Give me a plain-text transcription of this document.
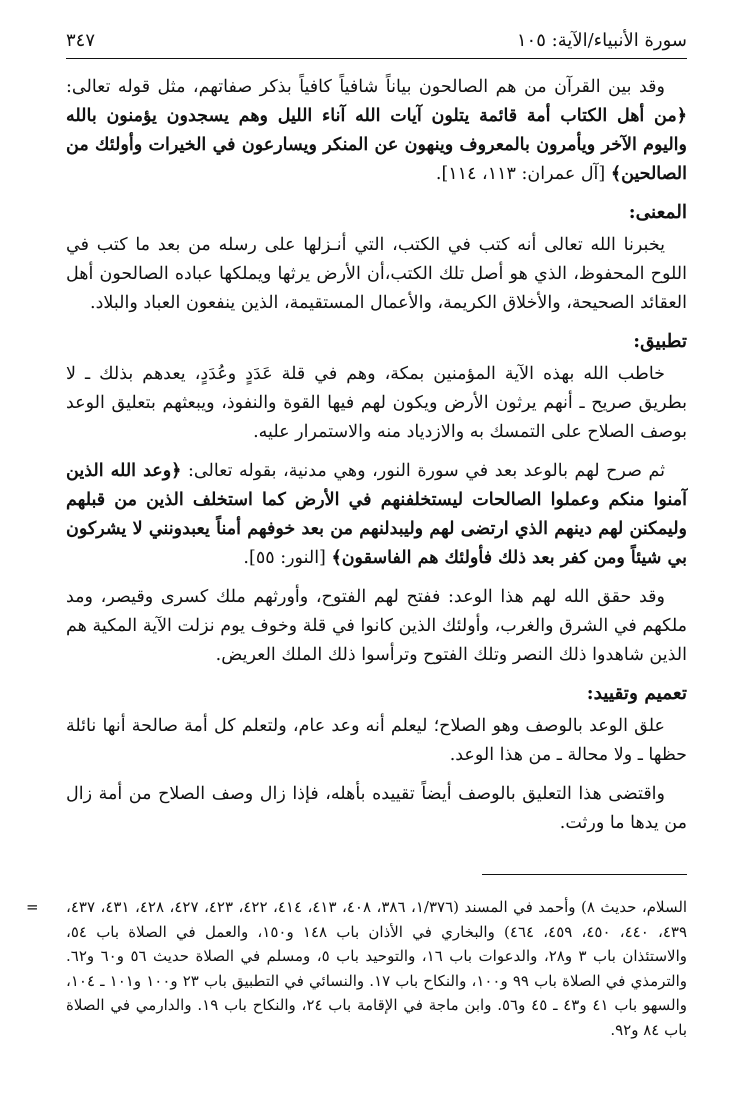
سورة الأنبياء/الآية: ١٠٥
٣٤٧

وقد بين القرآن من هم الصالحون بياناً شافياً كافياً بذكر صفاتهم، مثل قوله تعالى: ﴿من أهل الكتاب أمة قائمة يتلون آيات الله آناء الليل وهم يسجدون يؤمنون بالله واليوم الآخر ويأمرون بالمعروف وينهون عن المنكر ويسارعون في الخيرات وأولئك من الصالحين﴾ [آل عمران: ١١٣، ١١٤].

المعنى:

يخبرنا الله تعالى أنه كتب في الكتب، التي أنـزلها على رسله من بعد ما كتب في اللوح المحفوظ، الذي هو أصل تلك الكتب،أن الأرض يرثها ويملكها عباده الصالحون أهل العقائد الصحيحة، والأخلاق الكريمة، والأعمال المستقيمة، الذين ينفعون العباد والبلاد.

تطبيق:

خاطب الله بهذه الآية المؤمنين بمكة، وهم في قلة عَدَدٍ وعُدَدٍ، يعدهم بذلك ـ لا بطريق صريح ـ أنهم يرثون الأرض ويكون لهم فيها القوة والنفوذ، ويبعثهم بتعليق الوعد بوصف الصلاح على التمسك به والازدياد منه والاستمرار عليه.

ثم صرح لهم بالوعد بعد في سورة النور، وهي مدنية، بقوله تعالى: ﴿وعد الله الذين آمنوا منكم وعملوا الصالحات ليستخلفنهم في الأرض كما استخلف الذين من قبلهم وليمكنن لهم دينهم الذي ارتضى لهم وليبدلنهم من بعد خوفهم أمناً يعبدونني لا يشركون بي شيئاً ومن كفر بعد ذلك فأولئك هم الفاسقون﴾ [النور: ٥٥].

وقد حقق الله لهم هذا الوعد: ففتح لهم الفتوح، وأورثهم ملك كسرى وقيصر، ومد ملكهم في الشرق والغرب، وأولئك الذين كانوا في قلة وخوف يوم نزلت الآية المكية هم الذين شاهدوا ذلك النصر وتلك الفتوح وترأسوا ذلك الملك العريض.

تعميم وتقييد:

علق الوعد بالوصف وهو الصلاح؛ ليعلم أنه وعد عام، ولتعلم كل أمة صالحة أنها نائلة حظها ـ ولا محالة ـ من هذا الوعد.

واقتضى هذا التعليق بالوصف أيضاً تقييده بأهله، فإذا زال وصف الصلاح من أمة زال من يدها ما ورثت.

= السلام، حديث ٨) وأحمد في المسند (١/٣٧٦، ٣٨٦، ٤٠٨، ٤١٣، ٤١٤، ٤٢٢، ٤٢٣، ٤٢٧، ٤٢٨، ٤٣١، ٤٣٧، ٤٣٩، ٤٤٠، ٤٥٠، ٤٥٩، ٤٦٤) والبخاري في الأذان باب ١٤٨ و١٥٠، والعمل في الصلاة باب ٥٤، والاستئذان باب ٣ و٢٨، والدعوات باب ١٦، والتوحيد باب ٥، ومسلم في الصلاة حديث ٥٦ و٦٠ و٦٢. والترمذي في الصلاة باب ٩٩ و١٠٠، والنكاح باب ١٧. والنسائي في التطبيق باب ٢٣ و١٠٠ و١٠١ ـ ١٠٤، والسهو باب ٤١ و٤٣ ـ ٤٥ و٥٦. وابن ماجة في الإقامة باب ٢٤، والنكاح باب ١٩. والدارمي في الصلاة باب ٨٤ و٩٢.
